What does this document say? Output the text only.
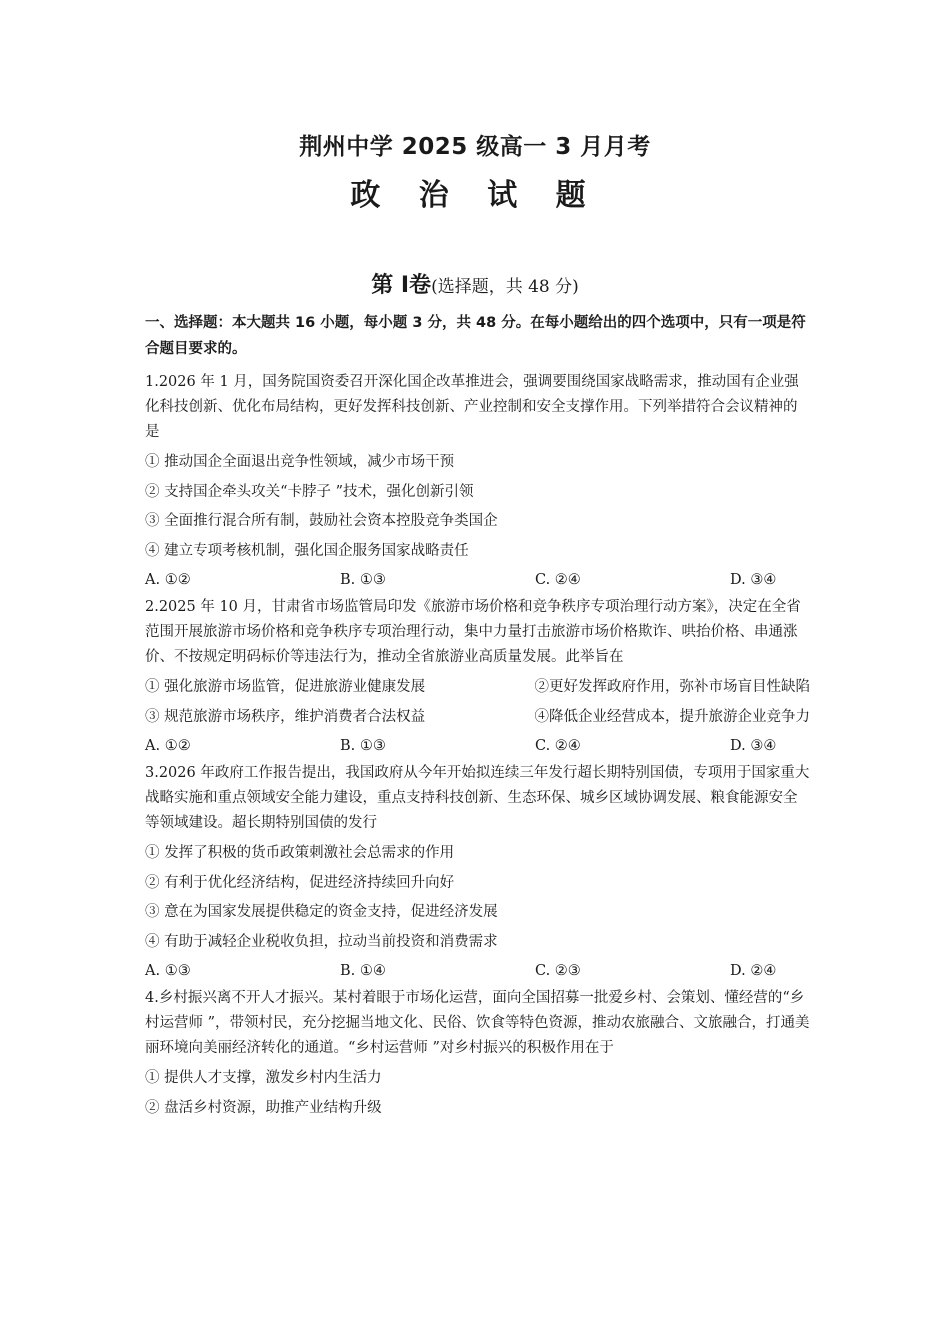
荆州中学 2025 级高一 3 月月考
政 治 试 题
第 Ⅰ卷(选择题，共 48 分)
一、选择题：本大题共 16 小题，每小题 3 分，共 48 分。在每小题给出的四个选项中，只有一项是符合题目要求的。
1.2026 年 1 月，国务院国资委召开深化国企改革推进会，强调要围绕国家战略需求，推动国有企业强化科技创新、优化布局结构，更好发挥科技创新、产业控制和安全支撑作用。下列举措符合会议精神的是
① 推动国企全面退出竞争性领域，减少市场干预
② 支持国企牵头攻关“卡脖子 ”技术，强化创新引领
③ 全面推行混合所有制，鼓励社会资本控股竞争类国企
④ 建立专项考核机制，强化国企服务国家战略责任
A. ①②	B. ①③	C. ②④	D. ③④
2.2025 年 10 月，甘肃省市场监管局印发《旅游市场价格和竞争秩序专项治理行动方案》，决定在全省范围开展旅游市场价格和竞争秩序专项治理行动，集中力量打击旅游市场价格欺诈、哄抬价格、串通涨价、不按规定明码标价等违法行为，推动全省旅游业高质量发展。此举旨在
① 强化旅游市场监管，促进旅游业健康发展	②更好发挥政府作用，弥补市场盲目性缺陷
③ 规范旅游市场秩序，维护消费者合法权益	④降低企业经营成本，提升旅游企业竞争力
A. ①②	B. ①③	C. ②④	D. ③④
3.2026 年政府工作报告提出，我国政府从今年开始拟连续三年发行超长期特别国债，专项用于国家重大战略实施和重点领域安全能力建设，重点支持科技创新、生态环保、城乡区域协调发展、粮食能源安全等领域建设。超长期特别国债的发行
① 发挥了积极的货币政策刺激社会总需求的作用
② 有利于优化经济结构，促进经济持续回升向好
③ 意在为国家发展提供稳定的资金支持，促进经济发展
④ 有助于减轻企业税收负担，拉动当前投资和消费需求
A. ①③	B. ①④	C. ②③	D. ②④
4.乡村振兴离不开人才振兴。某村着眼于市场化运营，面向全国招募一批爱乡村、会策划、懂经营的“乡村运营师 ”，带领村民，充分挖掘当地文化、民俗、饮食等特色资源，推动农旅融合、文旅融合，打通美丽环境向美丽经济转化的通道。“乡村运营师 ”对乡村振兴的积极作用在于
① 提供人才支撑，激发乡村内生活力
② 盘活乡村资源，助推产业结构升级
